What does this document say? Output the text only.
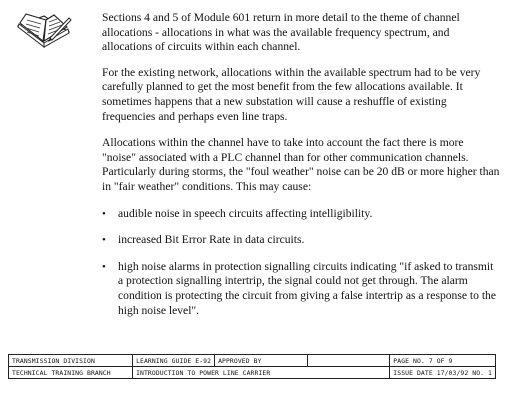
Sections 4 and 5 of Module 601 return in more detail to the theme of channel allocations - allocations in what was the available frequency spectrum, and allocations of circuits within each channel.

For the existing network, allocations within the available spectrum had to be very carefully planned to get the most benefit from the few allocations available. It sometimes happens that a new substation will cause a reshuffle of existing frequencies and perhaps even line traps.

Allocations within the channel have to take into account the fact there is more "noise" associated with a PLC channel than for other communication channels. Particularly during storms, the "foul weather" noise can be 20 dB or more higher than in "fair weather" conditions. This may cause:

• audible noise in speech circuits affecting intelligibility.
• increased Bit Error Rate in data circuits.
• high noise alarms in protection signalling circuits indicating "if asked to transmit a protection signalling intertrip, the signal could not get through. The alarm condition is protecting the circuit from giving a false intertrip as a response to the high noise level".
TRANSMISSION DIVISION	LEARNING GUIDE E-92	APPROVED BY		PAGE NO. 7 OF 9
TECHNICAL TRAINING BRANCH	INTRODUCTION TO POWER LINE CARRIER			ISSUE DATE 17/03/92 NO. 1
